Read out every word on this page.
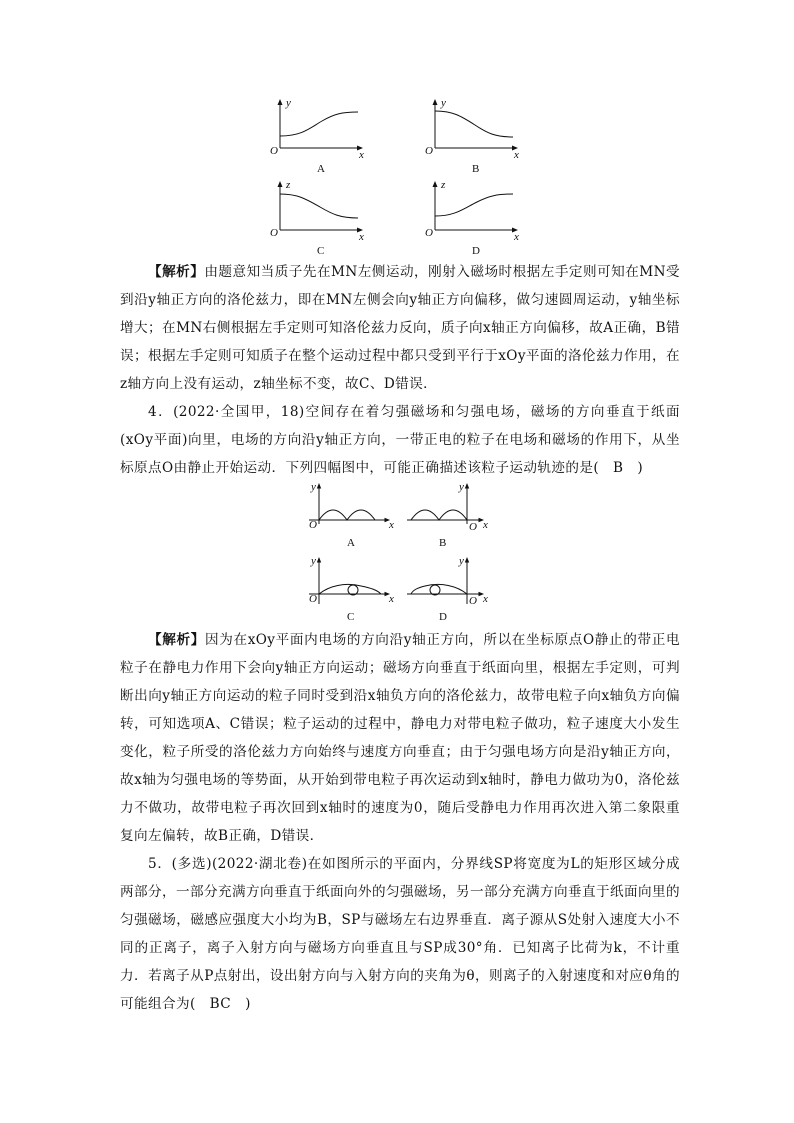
y
x
O
A
y
x
O
B
z
x
O
C
z
x
O
D
【解析】由题意知当质子先在MN左侧运动，刚射入磁场时根据左手定则可知在MN受到沿y轴正方向的洛伦兹力，即在MN左侧会向y轴正方向偏移，做匀速圆周运动，y轴坐标增大；在MN右侧根据左手定则可知洛伦兹力反向，质子向x轴正方向偏移，故A正确，B错误；根据左手定则可知质子在整个运动过程中都只受到平行于xOy平面的洛伦兹力作用，在z轴方向上没有运动，z轴坐标不变，故C、D错误．
4．(2022·全国甲，18)空间存在着匀强磁场和匀强电场，磁场的方向垂直于纸面(xOy平面)向里，电场的方向沿y轴正方向，一带正电的粒子在电场和磁场的作用下，从坐标原点O由静止开始运动．下列四幅图中，可能正确描述该粒子运动轨迹的是(　B　)
y
x
O
A
y
x
O
B
y
x
O
C
y
x
O
D
【解析】因为在xOy平面内电场的方向沿y轴正方向，所以在坐标原点O静止的带正电粒子在静电力作用下会向y轴正方向运动；磁场方向垂直于纸面向里，根据左手定则，可判断出向y轴正方向运动的粒子同时受到沿x轴负方向的洛伦兹力，故带电粒子向x轴负方向偏转，可知选项A、C错误；粒子运动的过程中，静电力对带电粒子做功，粒子速度大小发生变化，粒子所受的洛伦兹力方向始终与速度方向垂直；由于匀强电场方向是沿y轴正方向，故x轴为匀强电场的等势面，从开始到带电粒子再次运动到x轴时，静电力做功为0，洛伦兹力不做功，故带电粒子再次回到x轴时的速度为0，随后受静电力作用再次进入第二象限重复向左偏转，故B正确，D错误．
5．(多选)(2022·湖北卷)在如图所示的平面内，分界线SP将宽度为L的矩形区域分成两部分，一部分充满方向垂直于纸面向外的匀强磁场，另一部分充满方向垂直于纸面向里的匀强磁场，磁感应强度大小均为B，SP与磁场左右边界垂直．离子源从S处射入速度大小不同的正离子，离子入射方向与磁场方向垂直且与SP成30°角．已知离子比荷为k，不计重力．若离子从P点射出，设出射方向与入射方向的夹角为θ，则离子的入射速度和对应θ角的可能组合为(　BC　)
